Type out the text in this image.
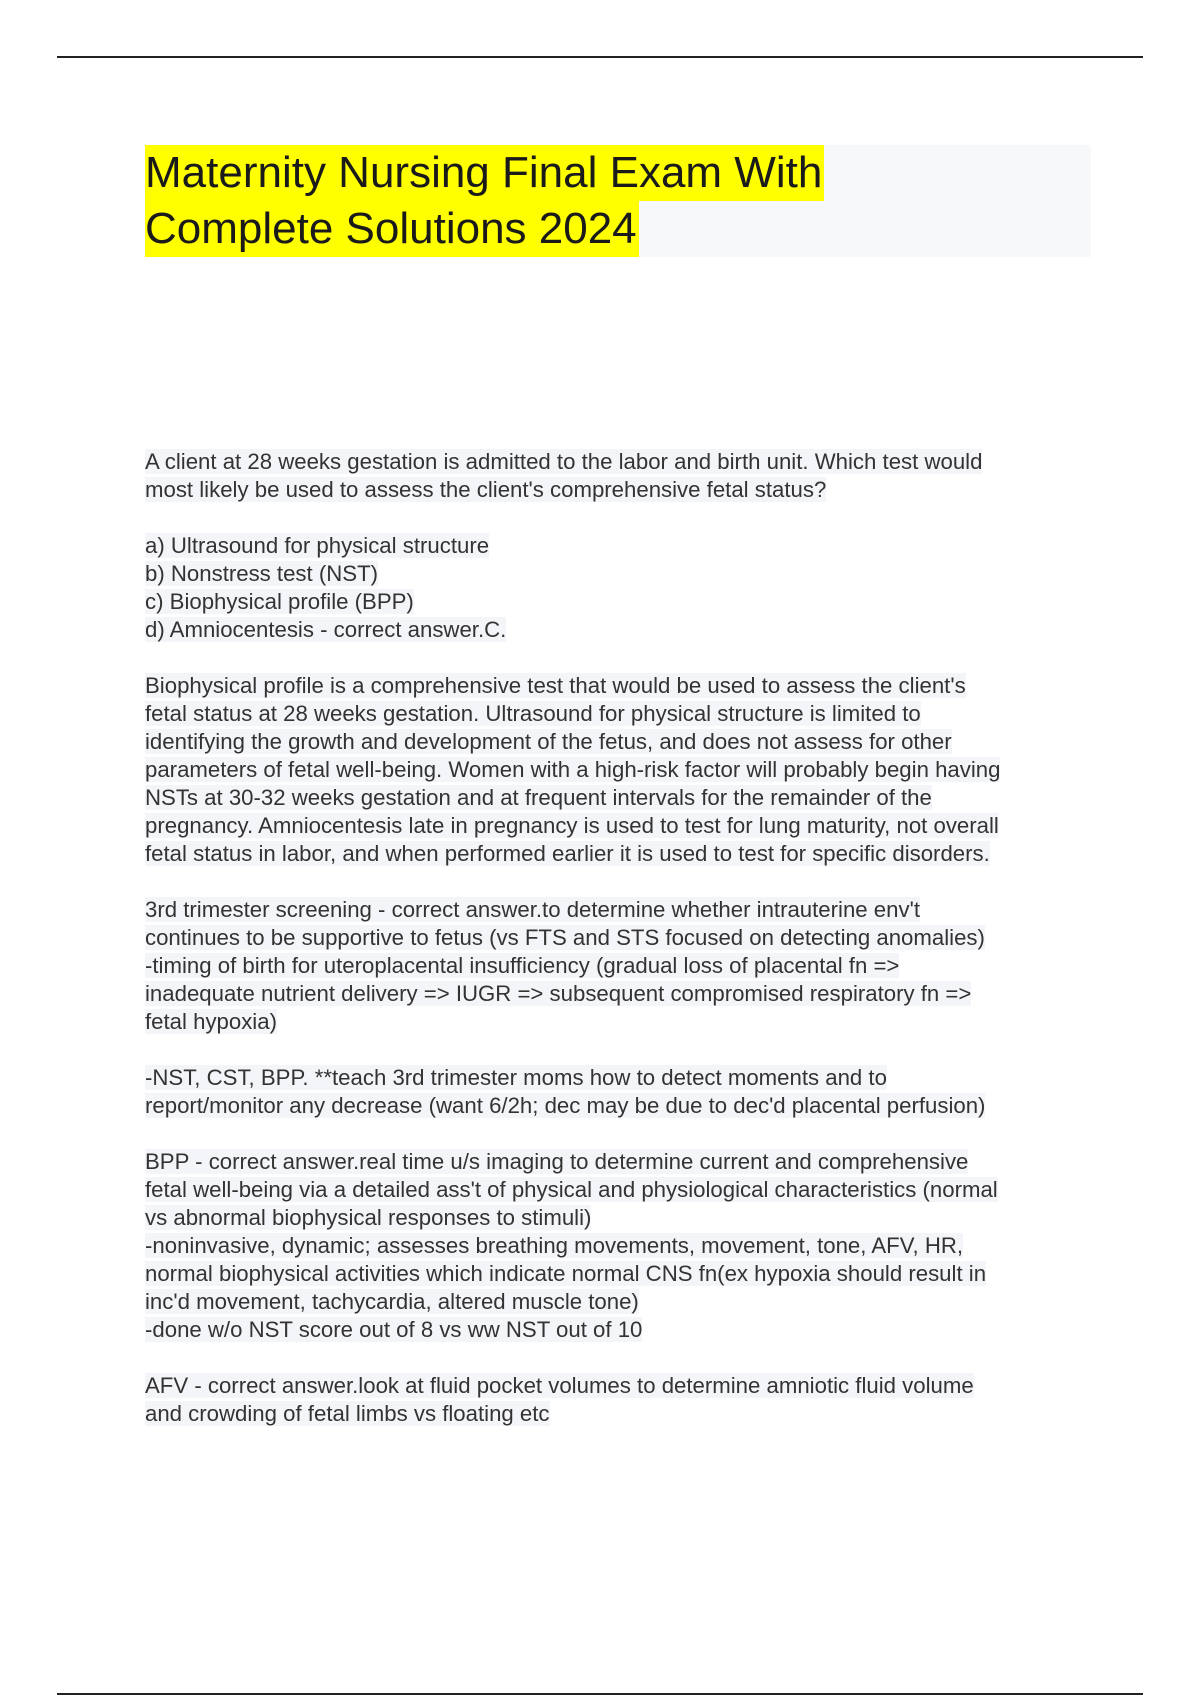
Maternity Nursing Final Exam With
Complete Solutions 2024

A client at 28 weeks gestation is admitted to the labor and birth unit. Which test would
most likely be used to assess the client's comprehensive fetal status?

a) Ultrasound for physical structure
b) Nonstress test (NST)
c) Biophysical profile (BPP)
d) Amniocentesis - correct answer.C.

Biophysical profile is a comprehensive test that would be used to assess the client's
fetal status at 28 weeks gestation. Ultrasound for physical structure is limited to
identifying the growth and development of the fetus, and does not assess for other
parameters of fetal well-being. Women with a high-risk factor will probably begin having
NSTs at 30-32 weeks gestation and at frequent intervals for the remainder of the
pregnancy. Amniocentesis late in pregnancy is used to test for lung maturity, not overall
fetal status in labor, and when performed earlier it is used to test for specific disorders.

3rd trimester screening - correct answer.to determine whether intrauterine env't
continues to be supportive to fetus (vs FTS and STS focused on detecting anomalies)
-timing of birth for uteroplacental insufficiency (gradual loss of placental fn =>
inadequate nutrient delivery => IUGR => subsequent compromised respiratory fn =>
fetal hypoxia)

-NST, CST, BPP. **teach 3rd trimester moms how to detect moments and to
report/monitor any decrease (want 6/2h; dec may be due to dec'd placental perfusion)

BPP - correct answer.real time u/s imaging to determine current and comprehensive
fetal well-being via a detailed ass't of physical and physiological characteristics (normal
vs abnormal biophysical responses to stimuli)
-noninvasive, dynamic; assesses breathing movements, movement, tone, AFV, HR,
normal biophysical activities which indicate normal CNS fn(ex hypoxia should result in
inc'd movement, tachycardia, altered muscle tone)
-done w/o NST score out of 8 vs ww NST out of 10

AFV - correct answer.look at fluid pocket volumes to determine amniotic fluid volume
and crowding of fetal limbs vs floating etc
